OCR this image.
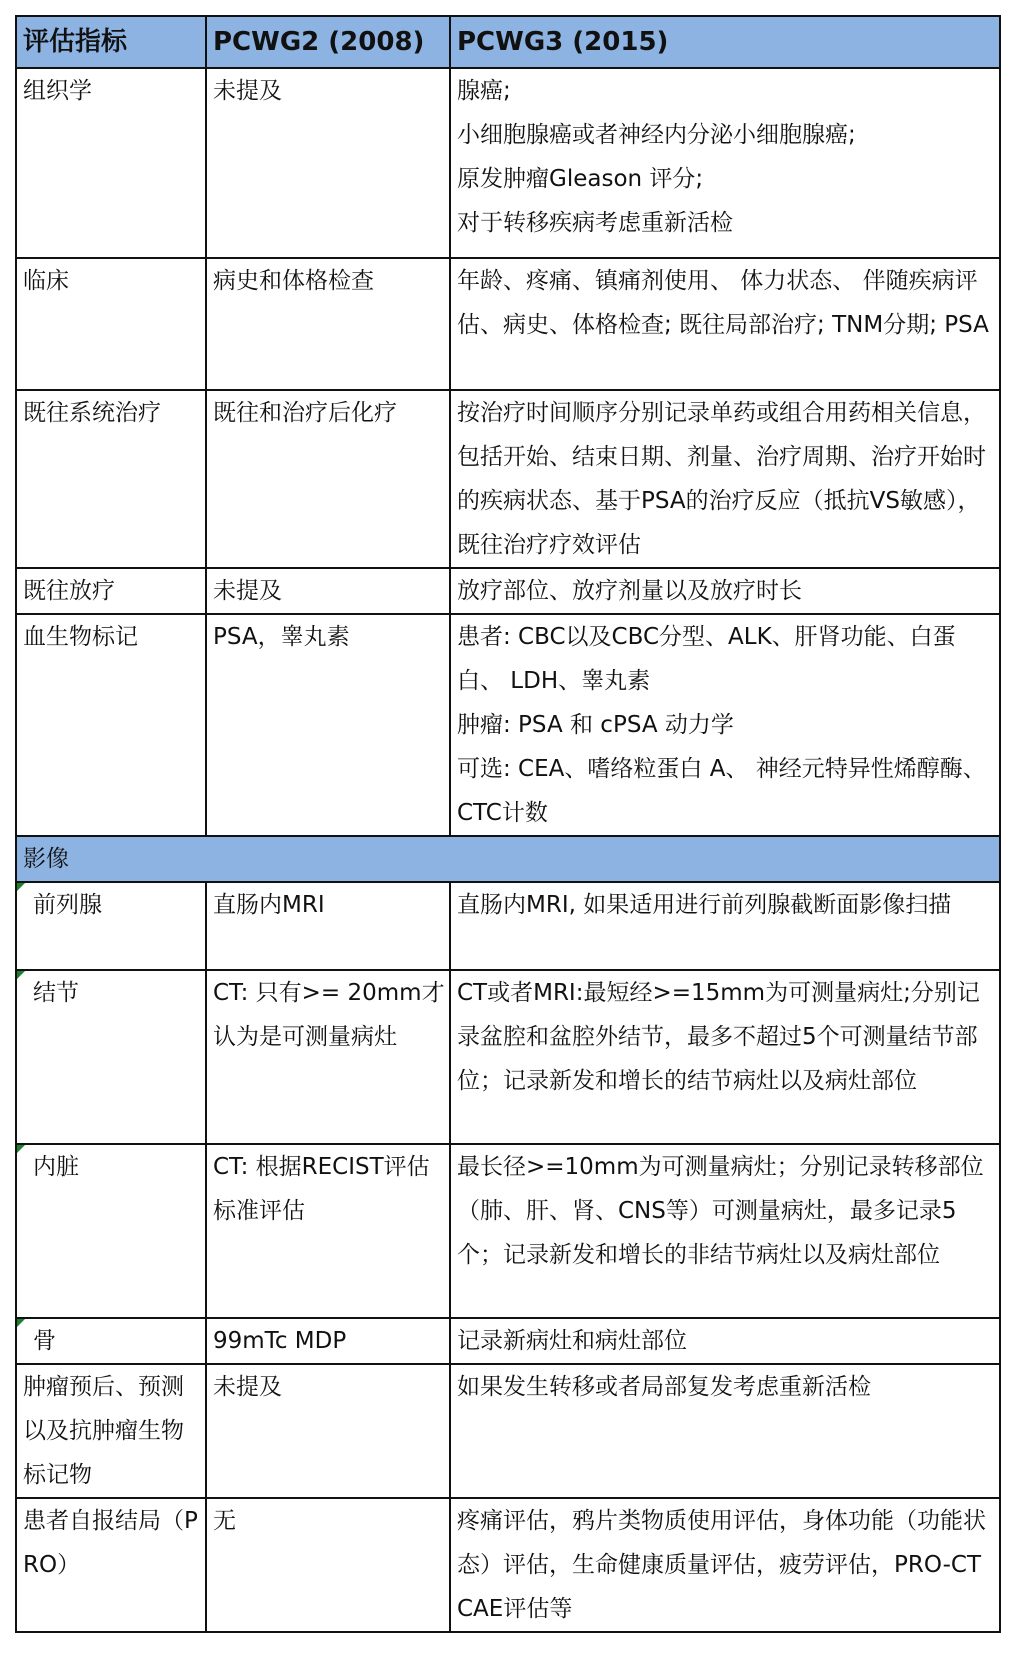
评估指标	PCWG2 (2008)	PCWG3 (2015)
组织学	未提及	腺癌;
小细胞腺癌或者神经内分泌小细胞腺癌;
原发肿瘤Gleason 评分;
对于转移疾病考虑重新活检

临床	病史和体格检查	年龄、疼痛、镇痛剂使用、 体力状态、 伴随疾病评估、病史、体格检查; 既往局部治疗; TNM分期; PSA
既往系统治疗	既往和治疗后化疗	按治疗时间顺序分别记录单药或组合用药相关信息，包括开始、结束日期、剂量、治疗周期、治疗开始时的疾病状态、基于PSA的治疗反应（抵抗VS敏感），既往治疗疗效评估
既往放疗	未提及	放疗部位、放疗剂量以及放疗时长
血生物标记	PSA，睾丸素	患者: CBC以及CBC分型、ALK、肝肾功能、白蛋白、 LDH、睾丸素
肿瘤: PSA 和 cPSA 动力学
可选: CEA、嗜络粒蛋白 A、 神经元特异性烯醇酶、 CTC计数

影像		

前列腺	直肠内MRI	直肠内MRI, 如果适用进行前列腺截断面影像扫描

结节	CT: 只有>= 20mm才认为是可测量病灶	CT或者MRI:最短经>=15mm为可测量病灶;分别记录盆腔和盆腔外结节，最多不超过5个可测量结节部位；记录新发和增长的结节病灶以及病灶部位

内脏	CT: 根据RECIST评估标准评估	最长径>=10mm为可测量病灶；分别记录转移部位（肺、肝、肾、CNS等）可测量病灶，最多记录5个；记录新发和增长的非结节病灶以及病灶部位

骨	99mTc MDP	记录新病灶和病灶部位
肿瘤预后、预测以及抗肿瘤生物标记物	未提及	如果发生转移或者局部复发考虑重新活检
患者自报结局（PRO）	无	疼痛评估，鸦片类物质使用评估，身体功能（功能状态）评估，生命健康质量评估，疲劳评估，PRO-CTCAE评估等
